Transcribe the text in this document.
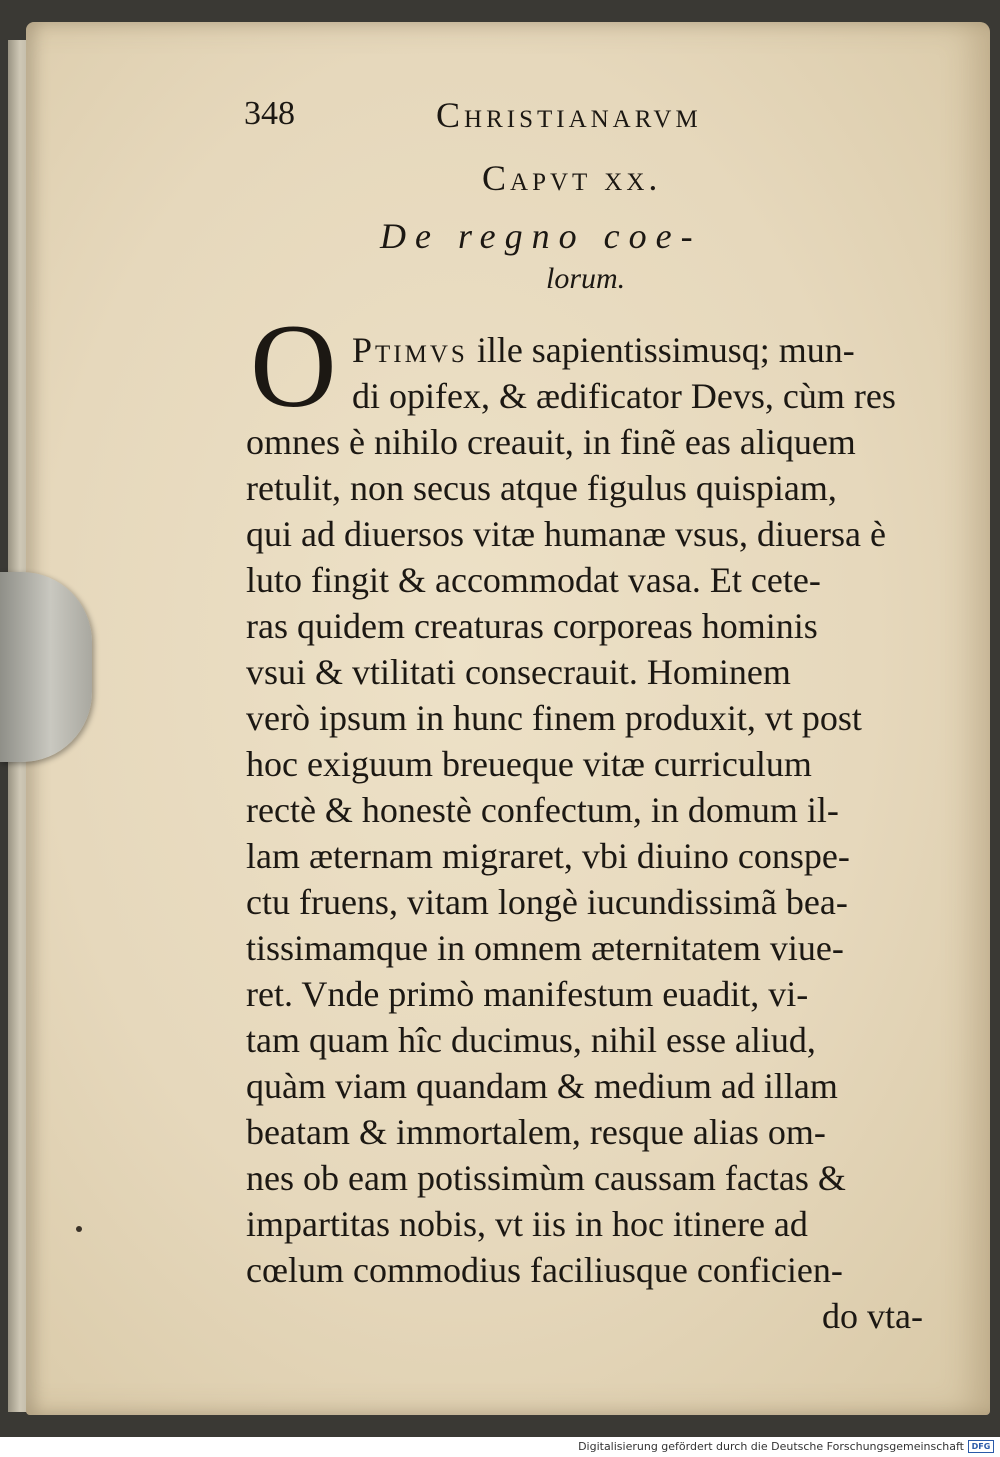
348	Christianarvm
Capvt xx.
De regno coe-
lorum.
O Ptimvs ille sapientissimusq; mun-
di opifex, & ædificator Devs, cùm res
omnes è nihilo creauit, in finẽ eas aliquem
retulit, non secus atque figulus quispiam,
qui ad diuersos vitæ humanæ vsus, diuersa è
luto fingit & accommodat vasa. Et cete-
ras quidem creaturas corporeas hominis
vsui & vtilitati consecrauit. Hominem
verò ipsum in hunc finem produxit, vt post
hoc exiguum breueque vitæ curriculum
rectè & honestè confectum, in domum il-
lam æternam migraret, vbi diuino conspe-
ctu fruens, vitam longè iucundissimã bea-
tissimamque in omnem æternitatem viue-
ret. Vnde primò manifestum euadit, vi-
tam quam hîc ducimus, nihil esse aliud,
quàm viam quandam & medium ad illam
beatam & immortalem, resque alias om-
nes ob eam potissimùm caussam factas &
impartitas nobis, vt iis in hoc itinere ad
cœlum commodius faciliusque conficien-
do vta-
Digitalisierung gefördert durch die Deutsche Forschungsgemeinschaft DFG
